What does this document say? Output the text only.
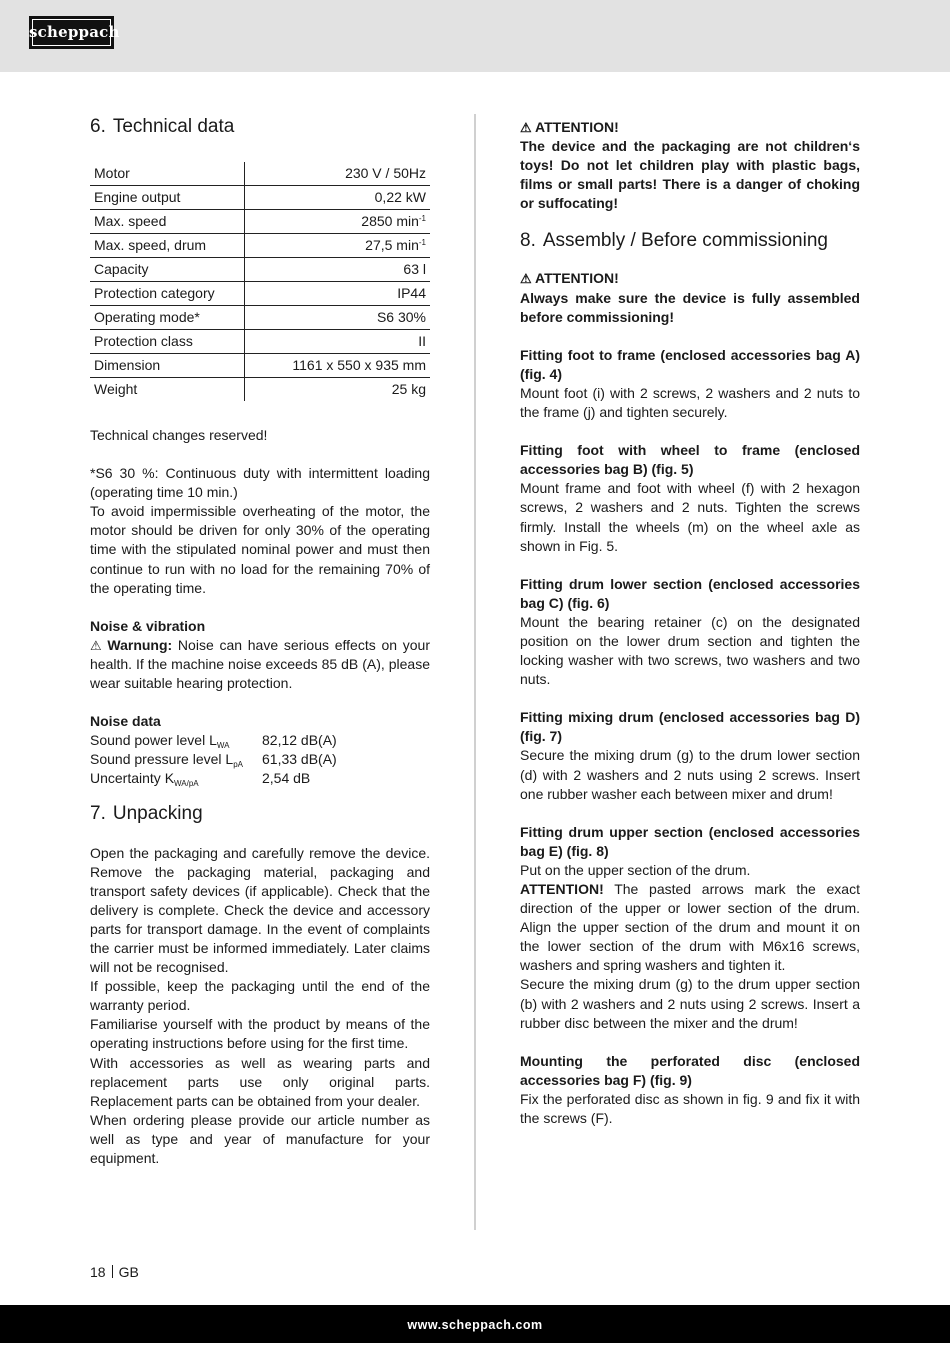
scheppach
6. Technical data
Motor	230 V / 50Hz
Engine output	0,22 kW
Max. speed	2850 $\min^{-1}$
Max. speed, drum	27,5 $\min^{-1}$
Capacity	63 l
Protection category	IP44
Operating mode*	S6 30%
Protection class	II
Dimension	1161 x 550 x 935 mm
Weight	25 kg

Technical changes reserved!

*S6 30 %: Continuous duty with intermittent loading (operating time 10 min.)

To avoid impermissible overheating of the motor, the motor should be driven for only 30% of the operating time with the stipulated nominal power and must then continue to run with no load for the remaining 70% of the operating time.

Noise & vibration

⚠ Warnung: Noise can have serious effects on your health. If the machine noise exceeds 85 dB (A), please wear suitable hearing protection.

Noise data

Sound power level $L_{WA}$	82,12 dB(A)
Sound pressure level $L_{pA}$	61,33 dB(A)
Uncertainty $K_{WA/pA}$	2,54 dB
7. Unpacking

Open the packaging and carefully remove the device. Remove the packaging material, packaging and transport safety devices (if applicable). Check that the delivery is complete. Check the device and accessory parts for transport damage. In the event of complaints the carrier must be informed immediately. Later claims will not be recognised.

If possible, keep the packaging until the end of the warranty period.

Familiarise yourself with the product by means of the operating instructions before using for the first time.

With accessories as well as wearing parts and replacement parts use only original parts. Replacement parts can be obtained from your dealer.

When ordering please provide our article number as well as type and year of manufacture for your equipment.

⚠ ATTENTION!

The device and the packaging are not children‘s toys! Do not let children play with plastic bags, films or small parts! There is a danger of choking or suffocating!

8. Assembly / Before commissioning

⚠ ATTENTION!

Always make sure the device is fully assembled before commissioning!

Fitting foot to frame (enclosed accessories bag A) (fig. 4)

Mount foot (i) with 2 screws, 2 washers and 2 nuts to the frame (j) and tighten securely.

Fitting foot with wheel to frame (enclosed accessories bag B) (fig. 5)

Mount frame and foot with wheel (f) with 2 hexagon screws, 2 washers and 2 nuts. Tighten the screws firmly. Install the wheels (m) on the wheel axle as shown in Fig. 5.

Fitting drum lower section (enclosed accessories bag C) (fig. 6)

Mount the bearing retainer (c) on the designated position on the lower drum section and tighten the locking washer with two screws, two washers and two nuts.

Fitting mixing drum (enclosed accessories bag D) (fig. 7)

Secure the mixing drum (g) to the drum lower section (d) with 2 washers and 2 nuts using 2 screws. Insert one rubber washer each between mixer and drum!

Fitting drum upper section (enclosed accessories bag E) (fig. 8)

Put on the upper section of the drum.

ATTENTION! The pasted arrows mark the exact direction of the upper or lower section of the drum. Align the upper section of the drum and mount it on the lower section of the drum with M6x16 screws, washers and spring washers and tighten it.

Secure the mixing drum (g) to the drum upper section (b) with 2 washers and 2 nuts using 2 screws. Insert a rubber disc between the mixer and the drum!

Mounting the perforated disc (enclosed accessories bag F) (fig. 9)

Fix the perforated disc as shown in fig. 9 and fix it with the screws (F).

18 GB
www.scheppach.com
